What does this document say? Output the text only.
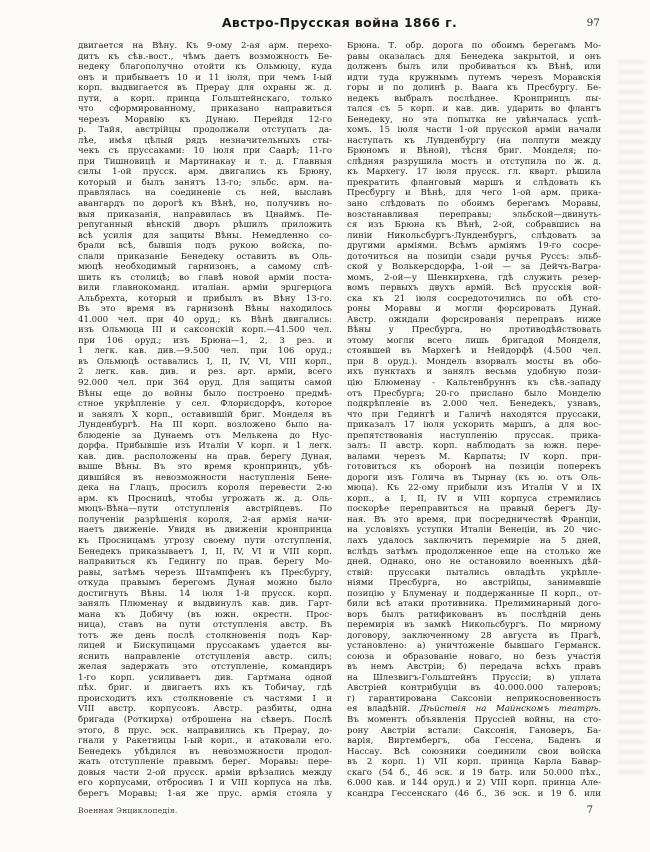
Австро-Прусская война 1866 г.	97
двигается на Вѣну. Къ 9-ому 2-ая арм. перехо-
дитъ къ сѣв.-вост., чѣмъ даетъ возможность Бе-
недеку благополучно отойти къ Ольмюцу, куда
онъ и прибываетъ 10 и 11 іюля, при чемъ I-ый
корп. выдвигается въ Прерау для охраны ж. д.
пути, а корп. принца Гольштейнскаго, только
что сформированному, приказано направиться
черезъ Моравію къ Дунаю. Перейдя 12-го
р. Тайя, австрійцы продолжали отступать да-
лѣе, имѣя цѣлый рядъ незначительныхъ сты-
чекъ съ пруссаками: 10 іюля при Саарѣ; 11-го
при Тишновицѣ и Мартинакау и т. д. Главныя
силы 1-ой прусск. арм. двигались къ Брюну,
который и былъ занятъ 13-го; эльбс. арм. на-
правлялась на соединеніе съ ней, выславъ
авангардъ по дорогѣ къ Вѣнѣ, но, получивъ но-
выя приказанія, направилась въ Цнаймъ. Пе-
репуганный вѣнскій дворъ рѣшилъ приложить
всѣ усилія для защиты Вѣны. Немедленно со-
брали всѣ, бывшія подъ рукою войска, по-
слали приказаніе Бенедеку оставить въ Оль-
мюцѣ необходимый гарнизонъ, а самому спѣ-
шить къ столицѣ; во главѣ новой арміи поста-
вили главнокоманд. италіан. арміи эрцгерцога
Альбрехта, который и прибылъ въ Вѣну 13-го.
Въ это время въ гарнизонѣ Вѣны находилось
41.000 чел. при 40 оруд.; къ Вѣнѣ двигались:
изъ Ольмюца III и саксонскій корп.—41.500 чел.
при 106 оруд.; изъ Брюна—1, 2, 3 рез. и
1 легк. кав. див.—9.500 чел. при 106 оруд.;
въ Ольмюцѣ оставались I, II, IV, VI, VIII корп.,
2 легк. кав. див. и рез. арт. арміи, всего
92.000 чел. при 364 оруд. Для защиты самой
Вѣны еще до войны было построено предмѣ-
стное укрѣпленіе у сел. Флорисдорфъ, которое
и занялъ X корп., оставившій бриг. Монделя въ
Лунденбургѣ. На III корп. возложено было на-
блюденіе за Дунаемъ отъ Мелькена до Нус-
дорфа. Прибывшіе изъ Италіи V корп. и 1 легк.
кав. див. расположены на прав. берегу Дуная,
выше Вѣны. Въ это время кронпринцъ, убѣ-
дившійся въ невозможности наступленія Бене-
дека на Глацъ, просилъ короля перевести 2-ю
арм. къ Просницѣ, чтобы угрожать ж. д. Оль-
мюцъ-Вѣна—пути отступленія австрійцевъ. По
полученіи разрѣшенія короля, 2-ая армія начи-
наетъ движеніе. Увидя въ движеніи кронпринца
къ Просницамъ угрозу своему пути отступленія,
Бенедекъ приказываетъ I, II, IV, VI и VIII корп.
направиться къ Гедингу по прав. берегу Мо-
равы, затѣмъ черезъ Штампфенъ къ Пресбургу,
откуда правымъ берегомъ Дуная можно было
достигнуть Вѣны. 14 іюля 1-й прусск. корп.
занялъ Плюменау и выдвинулъ кав. див. Гарт-
мана къ Добичу (въ южн. окрестн. Прос-
ница), ставъ на пути отступленія австр. Въ
тотъ же день послѣ столкновенія подъ Кар-
лицей и Бискупицами пруссакамъ удается вы-
яснить направленіе отступленія австр. силъ;
желая задержать это отступленіе, командиръ
1-го корп. усиливаетъ див. Гартмана одной
пѣх. бриг. и двигаетъ ихъ къ Тобичау, гдѣ
происходитъ ихъ столкновеніе съ частями I и
VIII австр. корпусовъ. Австр. разбиты, одна
бригада (Роткирха) отброшена на сѣверъ. Послѣ
этого, 8 прус. эск. направились къ Прерау, до-
гнали у Ракетницы I-ый корп., и атаковали его.
Бенедекъ убѣдился въ невозможности продол-
жать отступленіе правымъ берег. Моравы: пере-
довыя части 2-ой прусск. арміи врѣзались между
его корпусами, отбросивъ I и VIII корпуса на лѣв.
берегъ Моравы; 1-ая же прус. армія стояла у
Брюна. Т. обр. дорога по обоимъ берегамъ Мо-
равы оказалась для Бенедека закрытой, и онъ
долженъ былъ или пробиваться къ Вѣнѣ, или
идти туда кружнымъ путемъ черезъ Моравскія
горы и по долинѣ р. Ваага къ Пресбургу. Бе-
недекъ выбралъ послѣднее. Кронпринцъ пы-
тался съ 5 корп. и кав. див. ударить во флангъ
Бенедеку, но эта попытка не увѣнчалась успѣ-
хомъ. 15 іюля части 1-ой прусской арміи начали
наступать къ Лунденбургу (на полпути между
Брюномъ и Вѣной), тѣсня бриг. Монделя; по-
слѣдняя разрушила мостъ и отступила по ж. д.
къ Мархегу. 17 іюля прусск. гл. кварт. рѣшила
прекратить фланговый маршъ и слѣдовать къ
Пресбургу и Вѣнѣ, для чего 1-ой арм. прика-
зано слѣдовать по обоимъ берегамъ Моравы,
возстанавливая переправы; эльбской—двинуть-
ся изъ Брюна къ Вѣнѣ, 2-ой, собравшись на
линіи Никольсбургъ-Лунденбургъ, слѣдовать за
другими арміями. Всѣмъ арміямъ 19-го сосре-
доточиться на позиціи сзади ручья Руссъ: эльб-
ской у Волькерсдорфа, 1-ой — за Дейчъ-Вагра-
момъ, 2-ой—у Шенкирхена, гдѣ служить резер-
вомъ первыхъ двухъ армій. Всѣ прусскія вой-
ска къ 21 іюля сосредоточились по обѣ сто-
роны Моравы и могли форсировать Дунай.
Австр. ожидали форсированія переправъ ниже
Вѣны у Пресбурга, но противодѣйствовать
этому могли всего лишь бригадой Монделя,
стоявшей въ Мархегѣ и Нейдорфѣ (4.500 чел.
при 8 оруд.). Мондель взорвалъ мосты въ обо-
ихъ пунктахъ и занялъ весьма удобную пози-
цію Блюменау - Кальтенбруннъ къ сѣв.-западу
отъ Пресбурга; 20-го прислано было Монделю
подкрѣпленіе въ 2.000 чел. Бенедекъ, узнавъ,
что при Гедингѣ и Галичѣ находятся пруссаки,
приказалъ 17 іюля ускорить маршъ, а для вос-
препятствованія наступленію пруссак. прика-
залъ: II австр. корп. наблюдать за южн. пере-
валами черезъ М. Карпаты; IV корп. при-
готовиться къ оборонѣ на позиціи поперекъ
дороги изъ Голича въ Тырнау (къ ю. отъ Оль-
мюца). Къ 22-ому прибыли изъ Италіи V и IX
корп., а I, II, IV и VIII корпуса стремились
поскорѣе переправиться на правый берегъ Ду-
ная. Въ это время, при посредничествѣ Франціи,
на условіяхъ уступки Италіи Венеціи, въ 20 чис-
лахъ удалось заключить перемиріе на 5 дней,
вслѣдъ затѣмъ продолженное еще на столько же
дней. Однако, оно не остановило военныхъ дѣй-
ствій: пруссаки пытались овладѣть укрѣпле-
ніями Пресбурга, но австрійцы, занимавшіе
позицію у Блуменау и поддержанные II корп., от-
били всѣ атаки противника. Прелиминарный дого-
воръ былъ ратификованъ въ послѣдній день
перемирія въ замкѣ Никольсбургъ. По мирному
договору, заключенному 28 августа въ Прагѣ,
установлено: а) уничтоженіе бывшаго Германск.
союза и образованіе новаго, но безъ участія
въ немъ Австріи; б) передача всѣхъ правъ
на Шлезвигъ-Гольштейнъ Пруссіи; в) уплата
Австріей контрибуціи въ 40.000.000 талеровъ;
г) гарантирована Саксоніи неприкосновенность
ея владѣній. Дѣйствія на Майнскомъ театрѣ.
Въ моментъ объявленія Пруссіей войны, на сто-
рону Австріи встали: Саксонія, Гановеръ, Ба-
варія, Виртембергъ, оба Гессена, Баденъ и
Нассау. Всѣ союзники соединили свои войска
въ 2 корп. 1) VII корп. принца Карла Бавар-
скаго (54 б., 46 эск. и 19 батр. или 50.000 пѣх.,
6.000 кав. и 144 оруд.) и 2) VIII корп. принца Але-
ксандра Гессенскаго (46 б., 36 эск. и 19 б. или
Военная Энциклопедія.	7
